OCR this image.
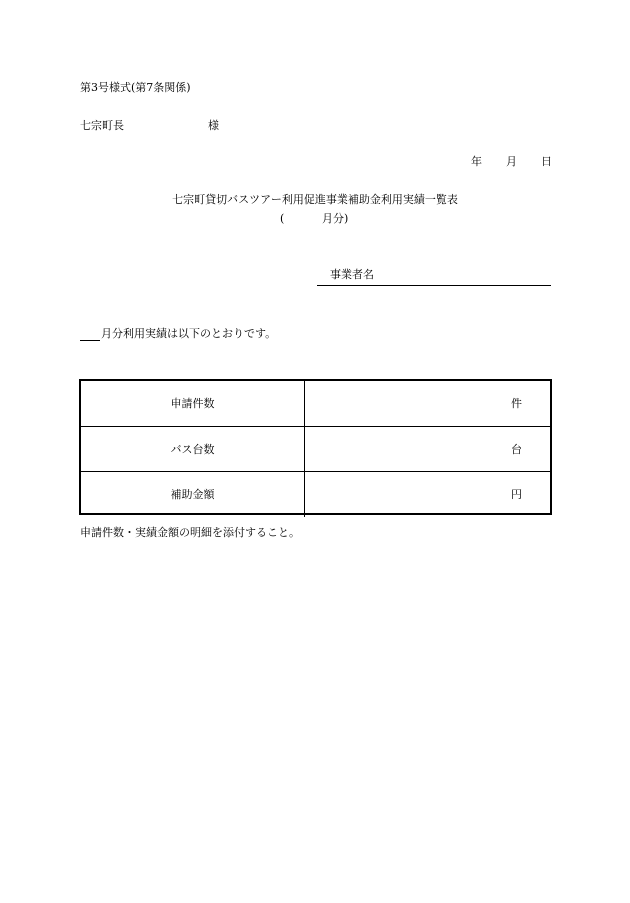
第3号様式(第7条関係)
七宗町長	様
年 月 日
七宗町貸切バスツアー利用促進事業補助金利用実績一覧表
(	月分)
事業者名
月分利用実績は以下のとおりです。
申請件数	件
バス台数	台
補助金額	円
申請件数・実績金額の明細を添付すること。
